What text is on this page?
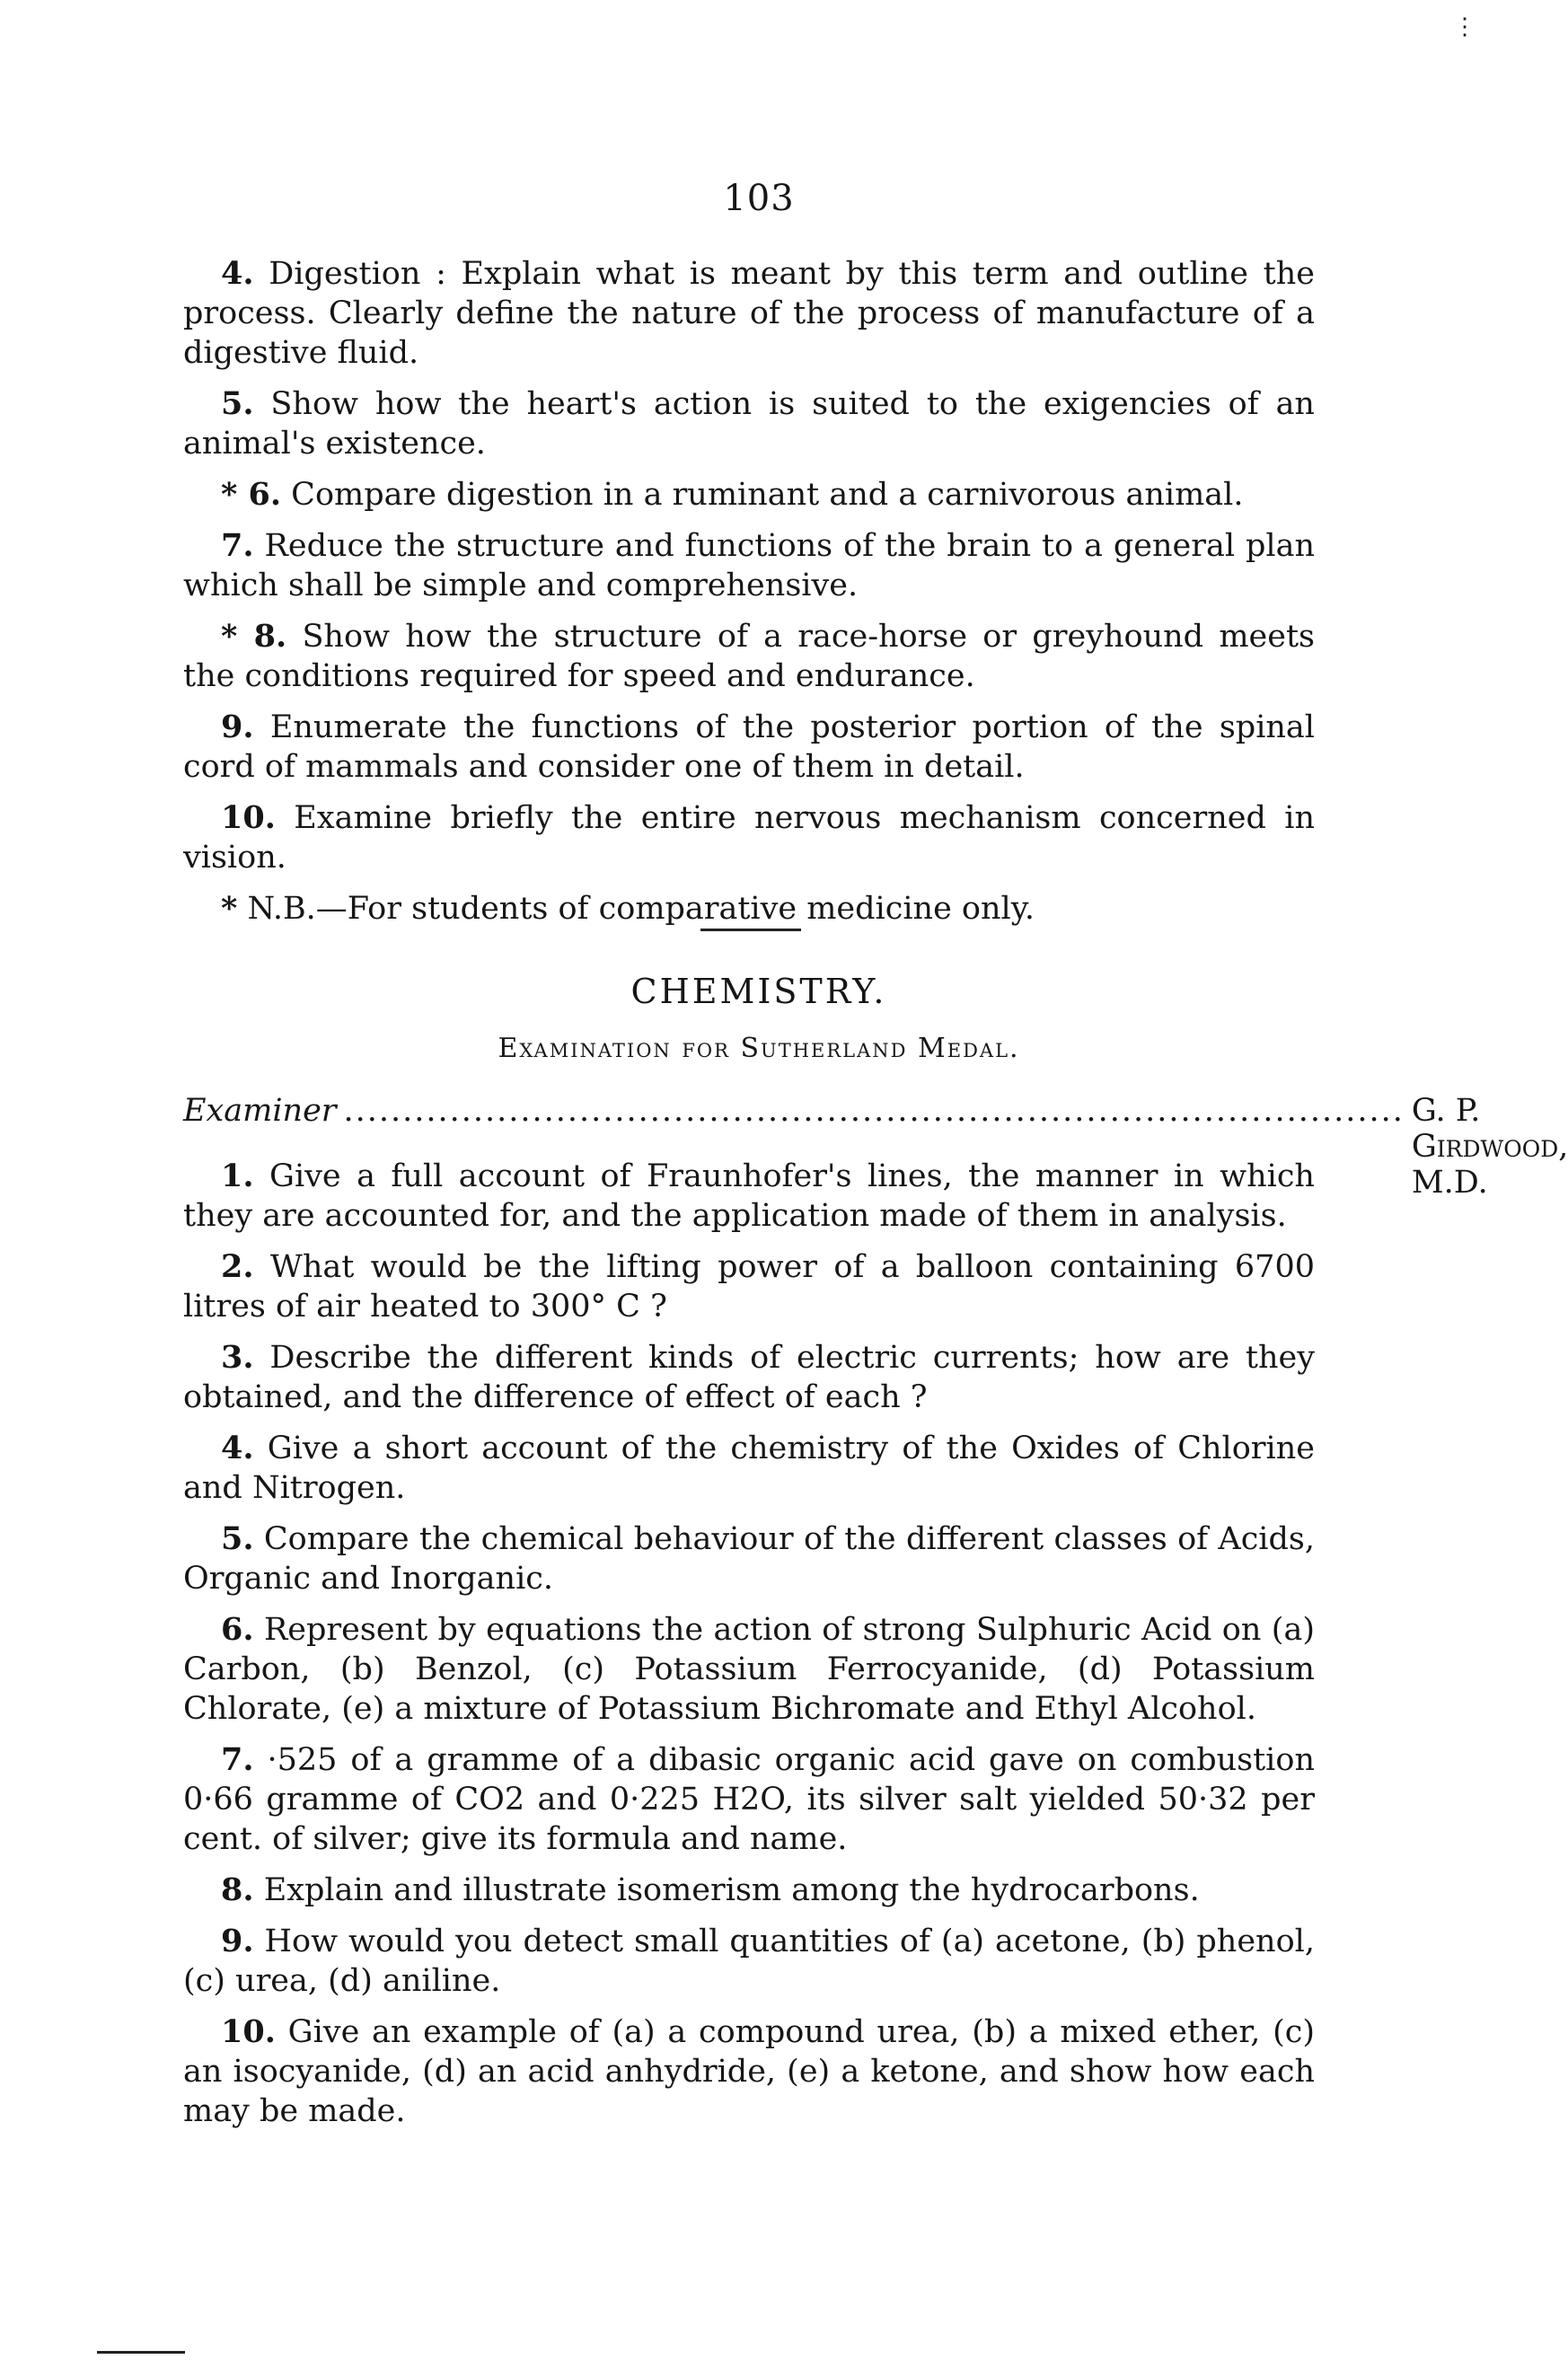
⋮
103

4. Digestion : Explain what is meant by this term and outline the process. Clearly define the nature of the process of manufacture of a digestive fluid.

5. Show how the heart's action is suited to the exigencies of an animal's existence.

* 6. Compare digestion in a ruminant and a carnivorous animal.

7. Reduce the structure and functions of the brain to a general plan which shall be simple and comprehensive.

* 8. Show how the structure of a race-horse or greyhound meets the conditions required for speed and endurance.

9. Enumerate the functions of the posterior portion of the spinal cord of mammals and consider one of them in detail.

10. Examine briefly the entire nervous mechanism concerned in vision.

* N.B.—For students of comparative medicine only.

CHEMISTRY.
Examination for Sutherland Medal.
Examiner .......................................................................................... G. P. Girdwood, M.D.

1. Give a full account of Fraunhofer's lines, the manner in which they are accounted for, and the application made of them in analysis.

2. What would be the lifting power of a balloon containing 6700 litres of air heated to 300° C ?

3. Describe the different kinds of electric currents; how are they obtained, and the difference of effect of each ?

4. Give a short account of the chemistry of the Oxides of Chlorine and Nitrogen.

5. Compare the chemical behaviour of the different classes of Acids, Organic and Inorganic.

6. Represent by equations the action of strong Sulphuric Acid on (a) Carbon, (b) Benzol, (c) Potassium Ferrocyanide, (d) Potassium Chlorate, (e) a mixture of Potassium Bichromate and Ethyl Alcohol.

7. ·525 of a gramme of a dibasic organic acid gave on combustion 0·66 gramme of CO2 and 0·225 H2O, its silver salt yielded 50·32 per cent. of silver; give its formula and name.

8. Explain and illustrate isomerism among the hydrocarbons.

9. How would you detect small quantities of (a) acetone, (b) phenol, (c) urea, (d) aniline.

10. Give an example of (a) a compound urea, (b) a mixed ether, (c) an isocyanide, (d) an acid anhydride, (e) a ketone, and show how each may be made.
